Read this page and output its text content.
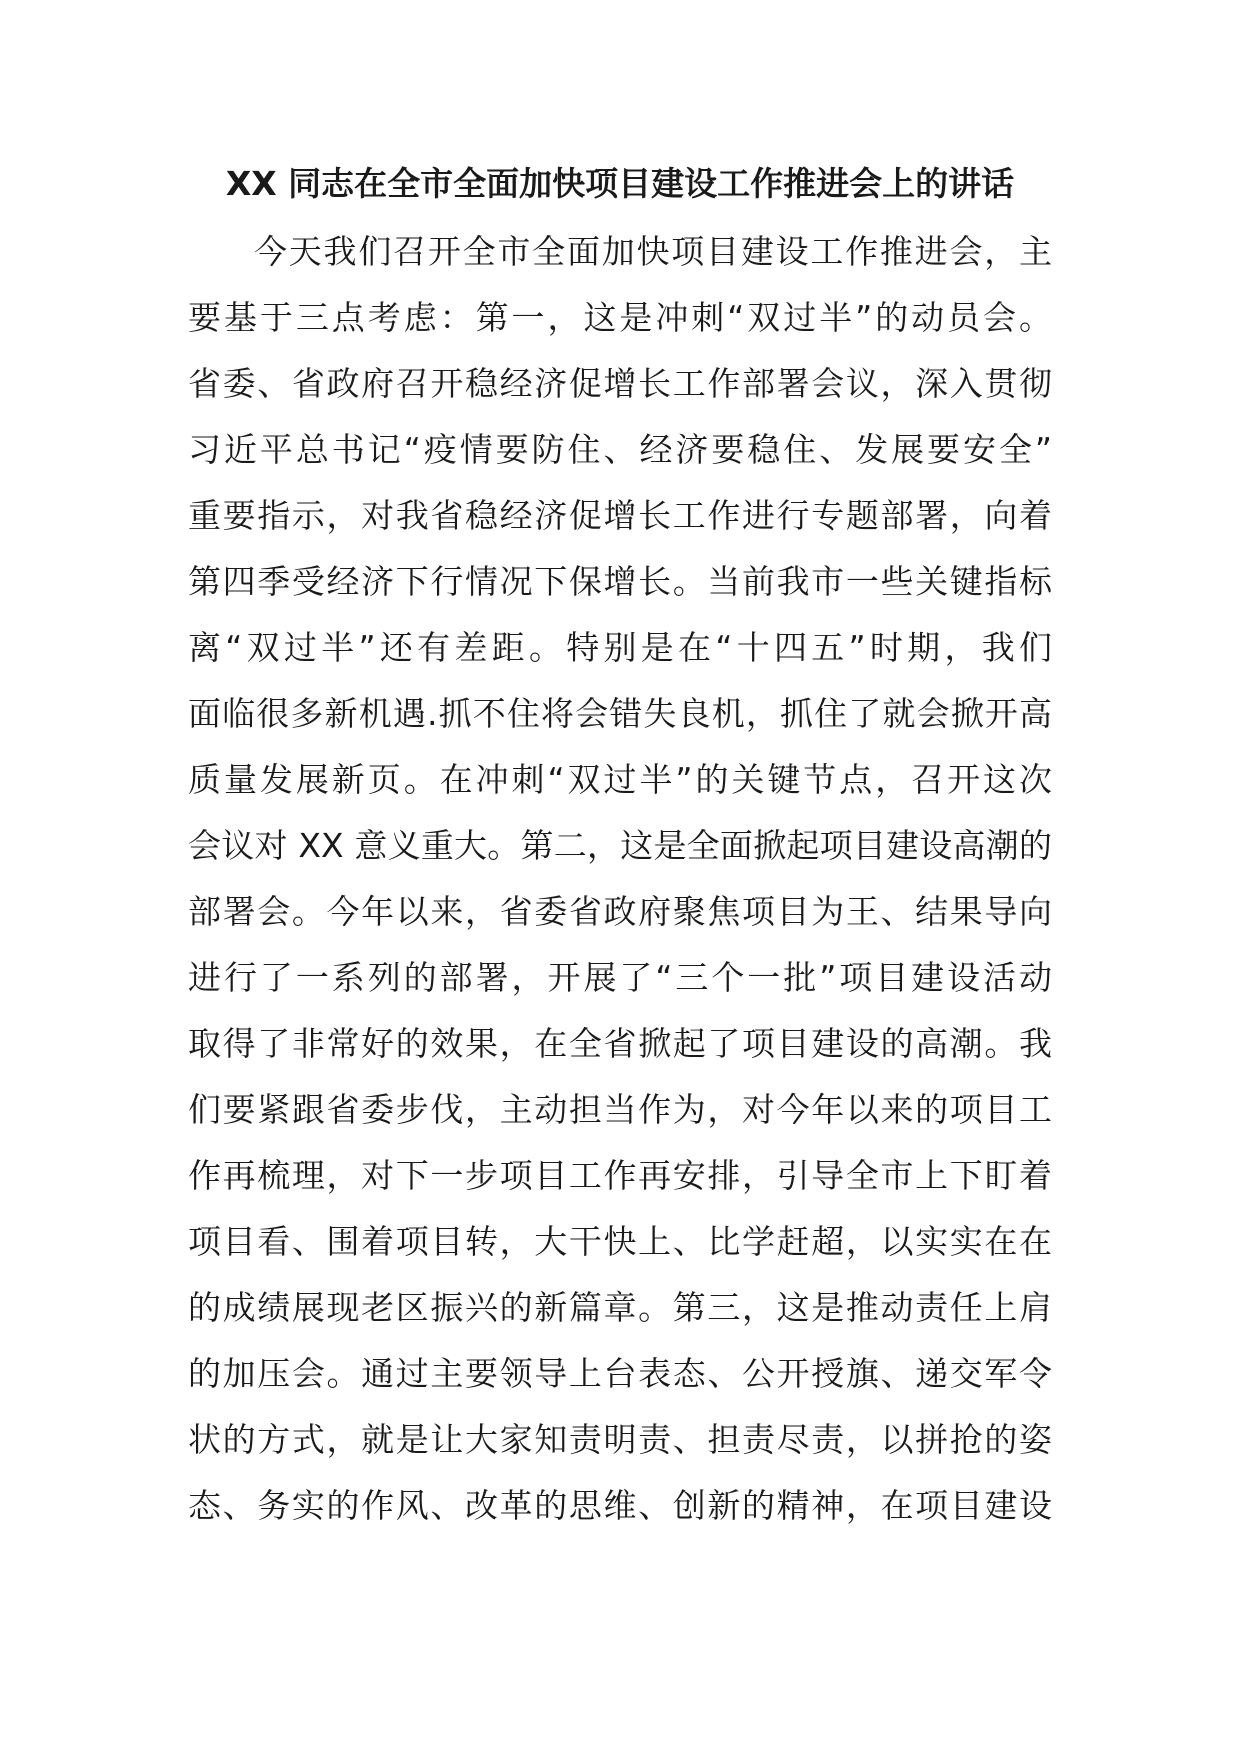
XX 同志在全市全面加快项目建设工作推进会上的讲话
今天我们召开全市全面加快项目建设工作推进会，主
要基于三点考虑：第一，这是冲刺“双过半”的动员会。
省委、省政府召开稳经济促增长工作部署会议，深入贯彻
习近平总书记“疫情要防住、经济要稳住、发展要安全”
重要指示，对我省稳经济促增长工作进行专题部署，向着
第四季受经济下行情况下保增长。当前我市一些关键指标
离“双过半”还有差距。特别是在“十四五”时期，我们
面临很多新机遇.抓不住将会错失良机，抓住了就会掀开高
质量发展新页。在冲刺“双过半”的关键节点，召开这次
会议对 XX 意义重大。第二，这是全面掀起项目建设高潮的
部署会。今年以来，省委省政府聚焦项目为王、结果导向
进行了一系列的部署，开展了“三个一批”项目建设活动
取得了非常好的效果，在全省掀起了项目建设的高潮。我
们要紧跟省委步伐，主动担当作为，对今年以来的项目工
作再梳理，对下一步项目工作再安排，引导全市上下盯着
项目看、围着项目转，大干快上、比学赶超，以实实在在
的成绩展现老区振兴的新篇章。第三，这是推动责任上肩
的加压会。通过主要领导上台表态、公开授旗、递交军令
状的方式，就是让大家知责明责、担责尽责，以拼抢的姿
态、务实的作风、改革的思维、创新的精神，在项目建设
